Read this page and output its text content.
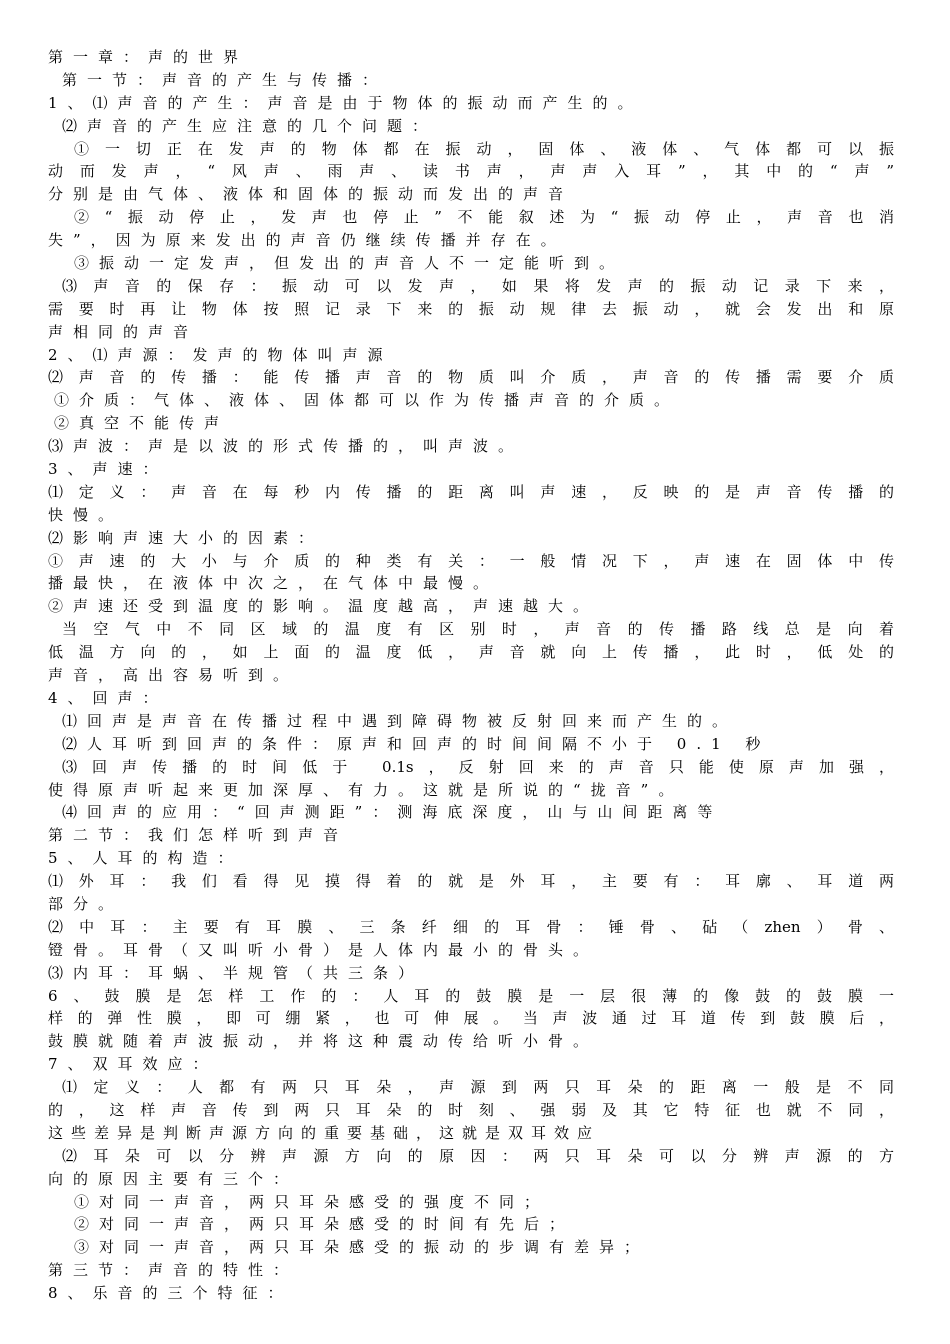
第一章：声的世界
第一节：声音的产生与传播：
1、⑴声音的产生：声音是由于物体的振动而产生的。
⑵声音的产生应注意的几个问题：
①一切正在发声的物体都在振动，固体、液体、气体都可以振
动而发声，“风声、雨声、读书声，声声入耳”，其中的“声”
分别是由气体、液体和固体的振动而发出的声音
②“振动停止，发声也停止”不能叙述为“振动停止，声音也消
失”，因为原来发出的声音仍继续传播并存在。
③振动一定发声，但发出的声音人不一定能听到。
⑶声音的保存：振动可以发声，如果将发声的振动记录下来，
需要时再让物体按照记录下来的振动规律去振动，就会发出和原
声相同的声音
2、⑴声源：发声的物体叫声源
⑵声音的传播：能传播声音的物质叫介质，声音的传播需要介质
①介质：气体、液体、固体都可以作为传播声音的介质。
②真空不能传声
⑶声波：声是以波的形式传播的，叫声波。
3、声速：
⑴定义：声音在每秒内传播的距离叫声速，反映的是声音传播的
快慢。
⑵影响声速大小的因素：
①声速的大小与介质的种类有关：一般情况下，声速在固体中传
播最快，在液体中次之，在气体中最慢。
②声速还受到温度的影响。温度越高，声速越大。
当空气中不同区域的温度有区别时，声音的传播路线总是向着
低温方向的，如上面的温度低，声音就向上传播，此时，低处的
声音，高出容易听到。
4、回声：
⑴回声是声音在传播过程中遇到障碍物被反射回来而产生的。
⑵人耳听到回声的条件：原声和回声的时间间隔不小于 0.1 秒
⑶回声传播的时间低于 0.1s，反射回来的声音只能使原声加强，
使得原声听起来更加深厚、有力。这就是所说的“拢音”。
⑷回声的应用：“回声测距”：测海底深度，山与山间距离等
第二节：我们怎样听到声音
5、人耳的构造：
⑴外耳：我们看得见摸得着的就是外耳，主要有：耳廓、耳道两
部分。
⑵中耳：主要有耳膜、三条纤细的耳骨：锤骨、砧（zhen）骨、
镫骨。耳骨（又叫听小骨）是人体内最小的骨头。
⑶内耳：耳蜗、半规管（共三条）
6、鼓膜是怎样工作的：人耳的鼓膜是一层很薄的像鼓的鼓膜一
样的弹性膜，即可绷紧，也可伸展。当声波通过耳道传到鼓膜后，
鼓膜就随着声波振动，并将这种震动传给听小骨。
7、双耳效应：
⑴定义：人都有两只耳朵，声源到两只耳朵的距离一般是不同
的，这样声音传到两只耳朵的时刻、强弱及其它特征也就不同，
这些差异是判断声源方向的重要基础，这就是双耳效应
⑵耳朵可以分辨声源方向的原因：两只耳朵可以分辨声源的方
向的原因主要有三个：
①对同一声音，两只耳朵感受的强度不同；
②对同一声音，两只耳朵感受的时间有先后；
③对同一声音，两只耳朵感受的振动的步调有差异；
第三节：声音的特性：
8、乐音的三个特征：
